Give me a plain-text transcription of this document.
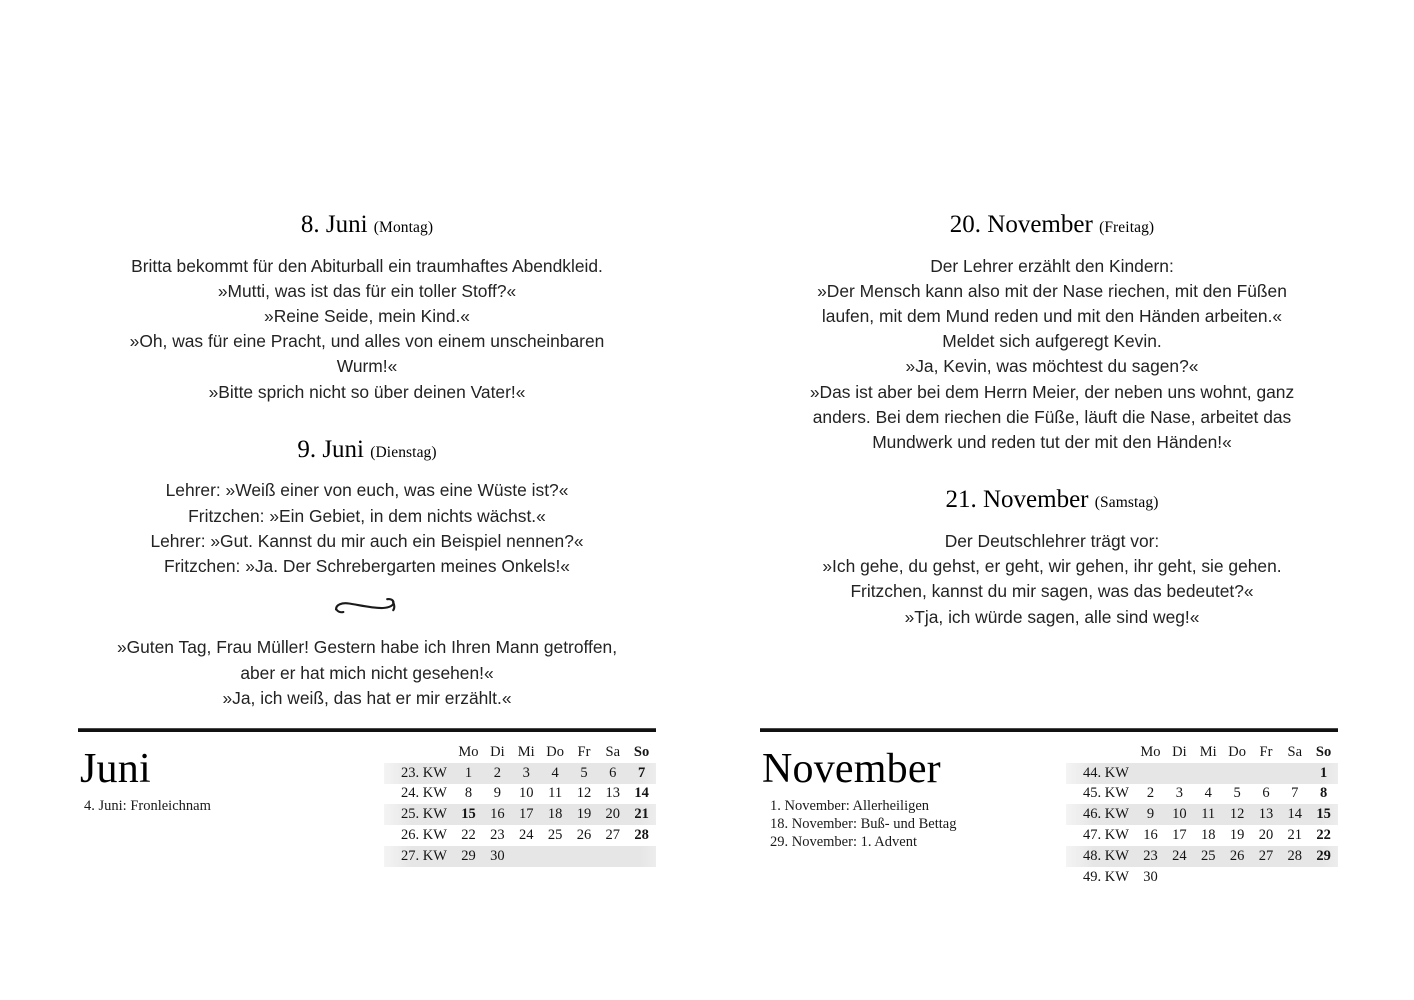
8. Juni (Montag)
Britta bekommt für den Abiturball ein traumhaftes Abendkleid.
»Mutti, was ist das für ein toller Stoff?«
»Reine Seide, mein Kind.«
»Oh, was für eine Pracht, und alles von einem unscheinbaren
Wurm!«
»Bitte sprich nicht so über deinen Vater!«
9. Juni (Dienstag)
Lehrer: »Weiß einer von euch, was eine Wüste ist?«
Fritzchen: »Ein Gebiet, in dem nichts wächst.«
Lehrer: »Gut. Kannst du mir auch ein Beispiel nennen?«
Fritzchen: »Ja. Der Schrebergarten meines Onkels!«
»Guten Tag, Frau Müller! Gestern habe ich Ihren Mann getroffen,
aber er hat mich nicht gesehen!«
»Ja, ich weiß, das hat er mir erzählt.«
Juni
4. Juni: Fronleichnam
	Mo	Di	Mi	Do	Fr	Sa	So
23. KW	1	2	3	4	5	6	7
24. KW	8	9	10	11	12	13	14
25. KW	15	16	17	18	19	20	21
26. KW	22	23	24	25	26	27	28
27. KW	29	30					
20. November (Freitag)
Der Lehrer erzählt den Kindern:
»Der Mensch kann also mit der Nase riechen, mit den Füßen
laufen, mit dem Mund reden und mit den Händen arbeiten.«
Meldet sich aufgeregt Kevin.
»Ja, Kevin, was möchtest du sagen?«
»Das ist aber bei dem Herrn Meier, der neben uns wohnt, ganz
anders. Bei dem riechen die Füße, läuft die Nase, arbeitet das
Mundwerk und reden tut der mit den Händen!«
21. November (Samstag)
Der Deutschlehrer trägt vor:
»Ich gehe, du gehst, er geht, wir gehen, ihr geht, sie gehen.
Fritzchen, kannst du mir sagen, was das bedeutet?«
»Tja, ich würde sagen, alle sind weg!«
November
1. November: Allerheiligen
18. November: Buß- und Bettag
29. November: 1. Advent
	Mo	Di	Mi	Do	Fr	Sa	So
44. KW							1
45. KW	2	3	4	5	6	7	8
46. KW	9	10	11	12	13	14	15
47. KW	16	17	18	19	20	21	22
48. KW	23	24	25	26	27	28	29
49. KW	30						
